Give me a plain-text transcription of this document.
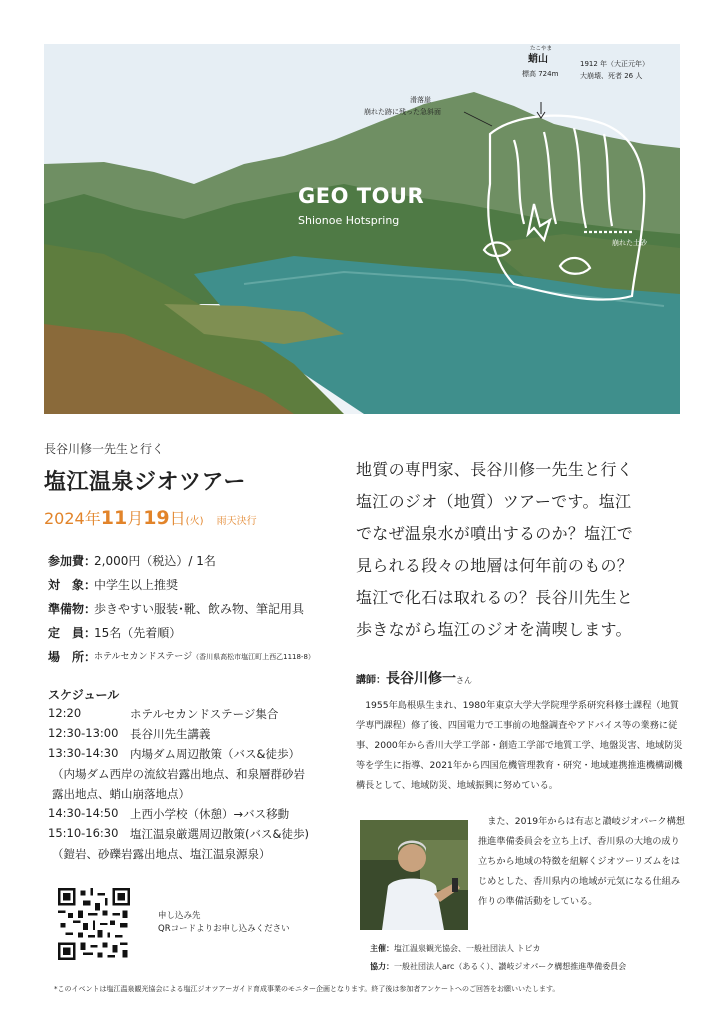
たこやま
蛸山
標高 724m
1912 年（大正元年）
大崩壊、死者 26 人
滑落崖
崩れた跡に残った急斜面
GEO TOUR
Shionoe Hotspring
崩れた土砂
長谷川修一先生と行く
塩江温泉ジオツアー
2024年11月19日(火) 雨天決行
参加費：
2,000円（税込）/ 1名
対　象：
中学生以上推奨
準備物：
歩きやすい服装･靴、飲み物、筆記用具
定　員：
15名（先着順）
場　所：
ホテルセカンドステージ（香川県高松市塩江町上西乙1118-8）
スケジュール
12:20	ホテルセカンドステージ集合
12:30-13:00	長谷川先生講義
13:30-14:30	内場ダム周辺散策（バス&徒歩）
（内場ダム西岸の流紋岩露出地点、和泉層群砂岩
露出地点、蛸山崩落地点）
14:30-14:50	上西小学校（休憩）→バス移動
15:10-16:30	塩江温泉厳選周辺散策(バス&徒歩)
（鎧岩、砂礫岩露出地点、塩江温泉源泉）
申し込み先
QRコードよりお申し込みください
地質の専門家、長谷川修一先生と行く
塩江のジオ（地質）ツアーです。塩江
でなぜ温泉水が噴出するのか？塩江で
見られる段々の地層は何年前のもの？
塩江で化石は取れるの？長谷川先生と
歩きながら塩江のジオを満喫します。
講師：長谷川修一さん
1955年島根県生まれ、1980年東京大学大学院理学系研究科修士課程（地質学専門課程）修了後、四国電力で工事前の地盤調査やアドバイス等の業務に従事、2000年から香川大学工学部・創造工学部で地質工学、地盤災害、地域防災等を学生に指導、2021年から四国危機管理教育・研究・地域連携推進機構副機構長として、地域防災、地域振興に努めている。
また、2019年からは有志と讃岐ジオパーク構想推進準備委員会を立ち上げ、香川県の大地の成り立ちから地域の特徴を紐解くジオツーリズムをはじめとした、香川県内の地域が元気になる仕組み作りの準備活動をしている。
主催：塩江温泉観光協会、一般社団法人 トビカ
協力：一般社団法人arc（あるく）、讃岐ジオパーク構想推進準備委員会
*このイベントは塩江温泉観光協会による塩江ジオツアーガイド育成事業のモニター企画となります。終了後は参加者アンケートへのご回答をお願いいたします。
